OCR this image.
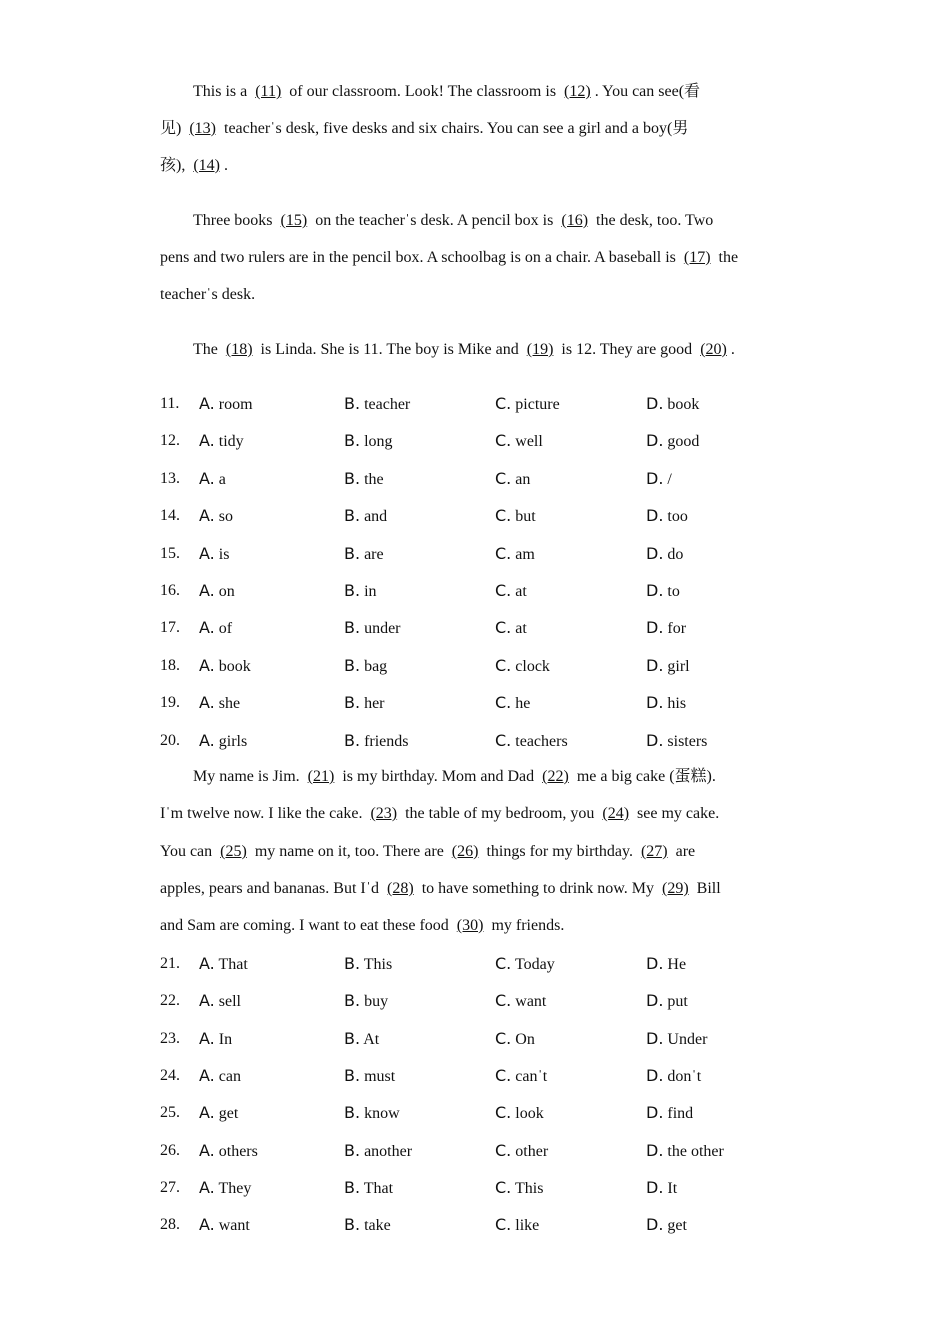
This is a (11) of our classroom. Look! The classroom is (12) . You can see(看
见) (13) teacherˈs desk, five desks and six chairs. You can see a girl and a boy(男
孩), (14) .
Three books (15) on the teacherˈs desk. A pencil box is (16) the desk, too. Two
pens and two rulers are in the pencil box. A schoolbag is on a chair. A baseball is (17) the
teacherˈs desk.
The (18) is Linda. She is 11. The boy is Mike and (19) is 12. They are good (20) .
11. A. room	B. teacher	C. picture	D. book
12. A. tidy	B. long	C. well	D. good
13. A. a	B. the	C. an	D. /
14. A. so	B. and	C. but	D. too
15. A. is	B. are	C. am	D. do
16. A. on	B. in	C. at	D. to
17. A. of	B. under	C. at	D. for
18. A. book	B. bag	C. clock	D. girl
19. A. she	B. her	C. he	D. his
20. A. girls	B. friends	C. teachers	D. sisters
My name is Jim. (21) is my birthday. Mom and Dad (22) me a big cake (蛋糕).
Iˈm twelve now. I like the cake. (23) the table of my bedroom, you (24) see my cake.
You can (25) my name on it, too. There are (26) things for my birthday. (27) are
apples, pears and bananas. But Iˈd (28) to have something to drink now. My (29) Bill
and Sam are coming. I want to eat these food (30) my friends.
21. A. That	B. This	C. Today	D. He
22. A. sell	B. buy	C. want	D. put
23. A. In	B. At	C. On	D. Under
24. A. can	B. must	C. canˈt	D. donˈt
25. A. get	B. know	C. look	D. find
26. A. others	B. another	C. other	D. the other
27. A. They	B. That	C. This	D. It
28. A. want	B. take	C. like	D. get
